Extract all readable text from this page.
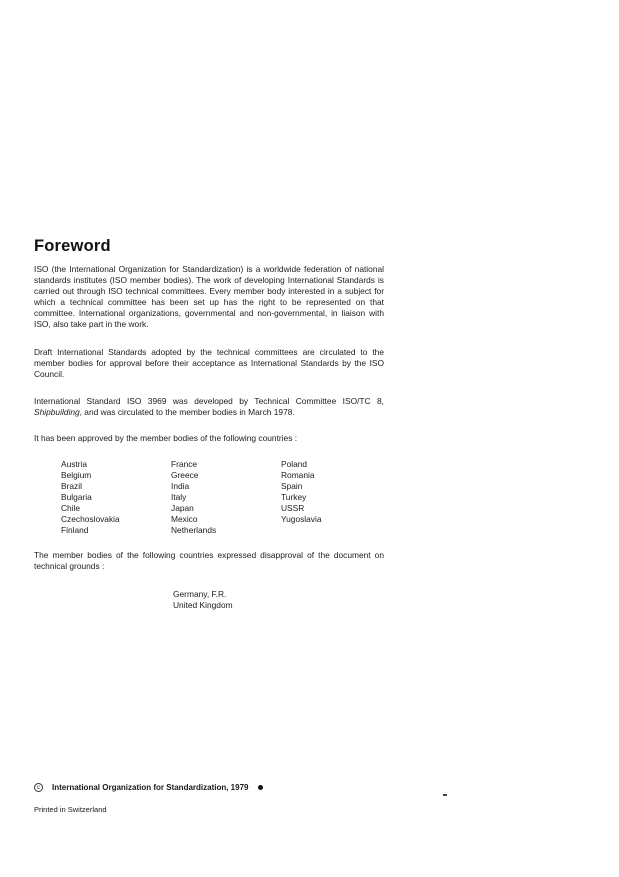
Foreword

ISO (the International Organization for Standardization) is a worldwide federation of national standards institutes (ISO member bodies). The work of developing International Standards is carried out through ISO technical committees. Every member body interested in a subject for which a technical committee has been set up has the right to be represented on that committee. International organizations, governmental and non-governmental, in liaison with ISO, also take part in the work.

Draft International Standards adopted by the technical committees are circulated to the member bodies for approval before their acceptance as International Standards by the ISO Council.

International Standard ISO 3969 was developed by Technical Committee ISO/TC 8, Shipbuilding, and was circulated to the member bodies in March 1978.

It has been approved by the member bodies of the following countries :

Austria
Belgium
Brazil
Bulgaria
Chile
Czechoslovakia
Finland
France
Greece
India
Italy
Japan
Mexico
Netherlands
Poland
Romania
Spain
Turkey
USSR
Yugoslavia

The member bodies of the following countries expressed disapproval of the document on technical grounds :

Germany, F.R.
United Kingdom
c	International Organization for Standardization, 1979
Printed in Switzerland
